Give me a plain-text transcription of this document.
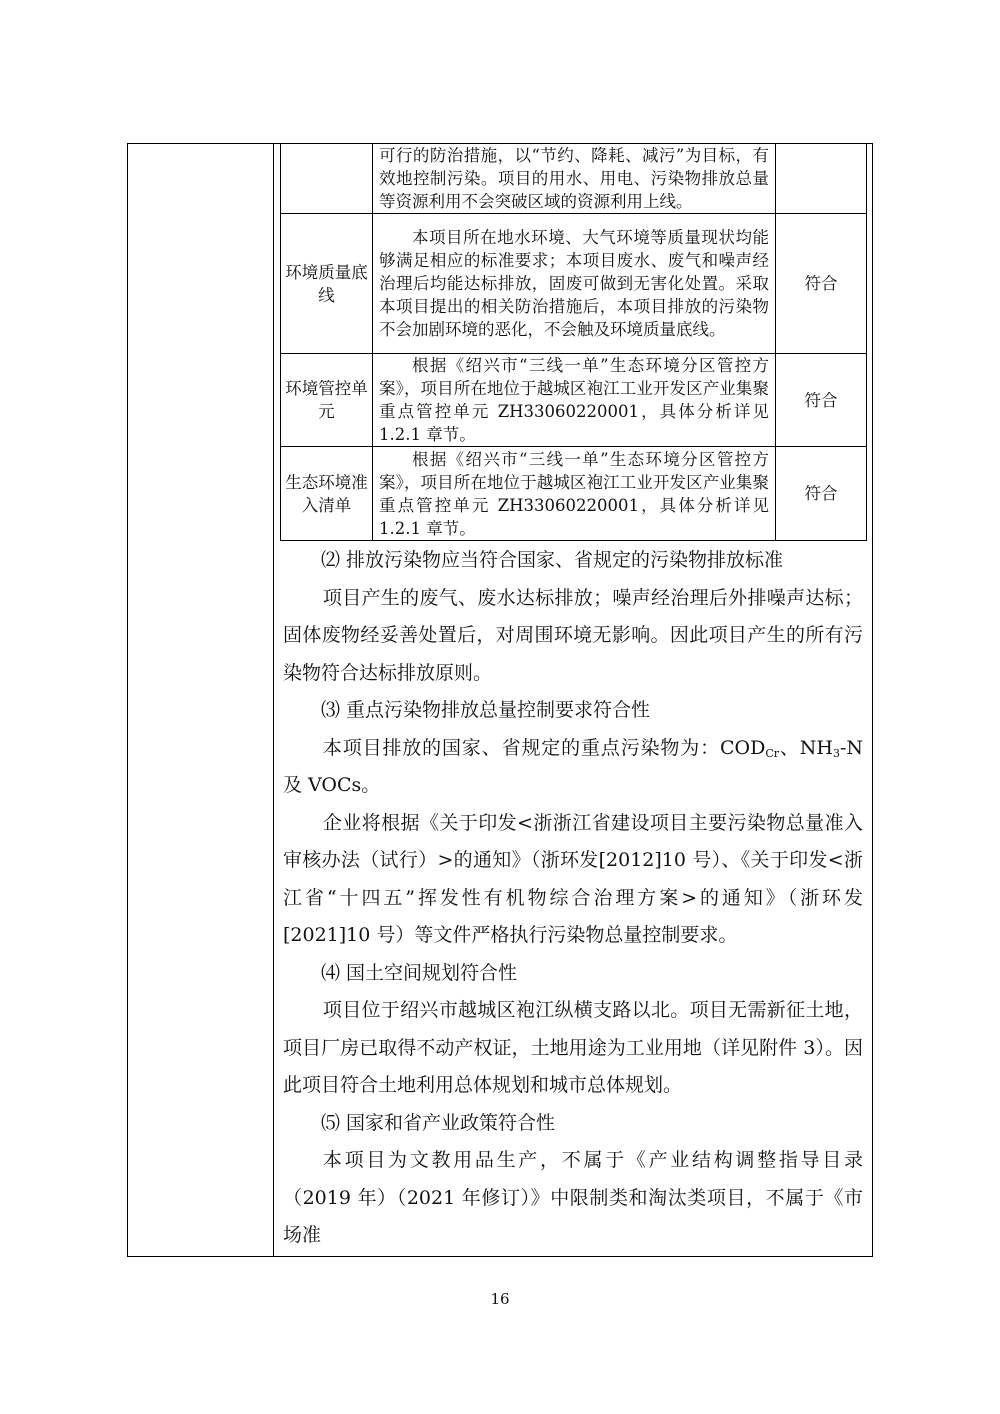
	可行的防治措施，以“节约、降耗、减污”为目标，有效地控制污染。项目的用水、用电、污染物排放总量等资源利用不会突破区域的资源利用上线。	
环境质量底线	本项目所在地水环境、大气环境等质量现状均能够满足相应的标准要求；本项目废水、废气和噪声经治理后均能达标排放，固废可做到无害化处置。采取本项目提出的相关防治措施后，本项目排放的污染物不会加剧环境的恶化，不会触及环境质量底线。	符合
环境管控单元	根据《绍兴市“三线一单”生态环境分区管控方案》，项目所在地位于越城区袍江工业开发区产业集聚重点管控单元 ZH33060220001，具体分析详见 1.2.1 章节。	符合
生态环境准入清单	根据《绍兴市“三线一单”生态环境分区管控方案》，项目所在地位于越城区袍江工业开发区产业集聚重点管控单元 ZH33060220001，具体分析详见 1.2.1 章节。	符合

⑵ 排放污染物应当符合国家、省规定的污染物排放标准

项目产生的废气、废水达标排放；噪声经治理后外排噪声达标；固体废物经妥善处置后，对周围环境无影响。因此项目产生的所有污染物符合达标排放原则。

⑶ 重点污染物排放总量控制要求符合性

本项目排放的国家、省规定的重点污染物为：$COD_{Cr}$、$NH_3-N$ 及 VOCs。

企业将根据《关于印发<浙浙江省建设项目主要污染物总量准入审核办法（试行）>的通知》（浙环发[2012]10 号）、《关于印发<浙江省“十四五”挥发性有机物综合治理方案>的通知》（浙环发[2021]10 号）等文件严格执行污染物总量控制要求。

⑷ 国土空间规划符合性

项目位于绍兴市越城区袍江纵横支路以北。项目无需新征土地，项目厂房已取得不动产权证，土地用途为工业用地（详见附件 3）。因此项目符合土地利用总体规划和城市总体规划。

⑸ 国家和省产业政策符合性

本项目为文教用品生产，不属于《产业结构调整指导目录（2019 年）（2021 年修订）》中限制类和淘汰类项目，不属于《市场准

16
